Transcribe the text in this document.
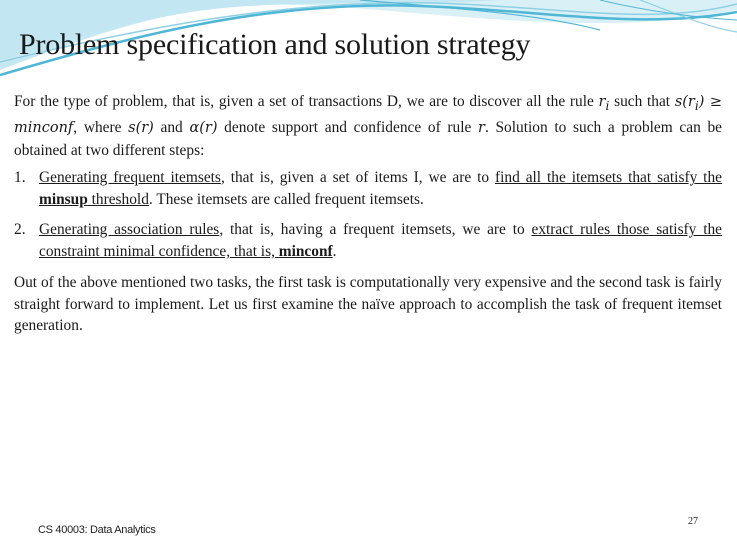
Problem specification and solution strategy

For the type of problem, that is, given a set of transactions D, we are to discover all the rule $r_i$ such that $s(r_i)$ ≥ minconf, where s(r) and α(r) denote support and confidence of rule r. Solution to such a problem can be obtained at two different steps:

1. Generating frequent itemsets, that is, given a set of items I, we are to find all the itemsets that satisfy the minsup threshold. These itemsets are called frequent itemsets.
2. Generating association rules, that is, having a frequent itemsets, we are to extract rules those satisfy the constraint minimal confidence, that is, minconf.

Out of the above mentioned two tasks, the first task is computationally very expensive and the second task is fairly straight forward to implement. Let us first examine the naïve approach to accomplish the task of frequent itemset generation.

CS 40003: Data Analytics
27
